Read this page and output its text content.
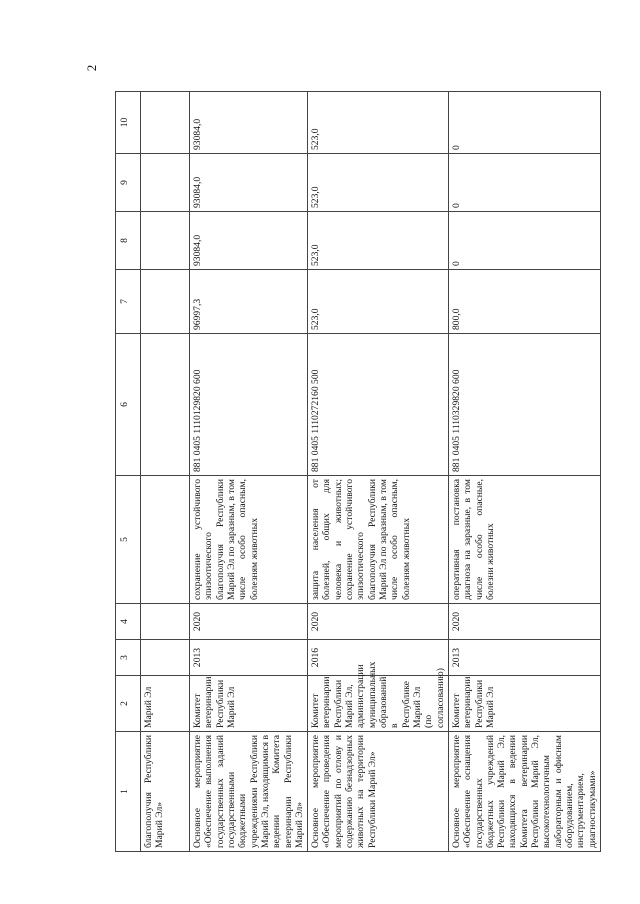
2
1	2	3	4	5	6	7	8	9	10
благополучия Республики Марий Эл»	Марий Эл								
Основное мероприятие «Обеспечение выполнения государственных заданий государственными бюджетными учреждениями Республики Марий Эл, находящимися в ведении Комитета ветеринарии Республики Марий Эл»	Комитет ветеринарии Республики Марий Эл	2013	2020	сохранение устойчивого эпизоотического благополучия Республики Марий Эл по заразным, в том числе особо опасным, болезням животных	881 0405 1110129820 600	96997,3	93084,0	93084,0	93084,0
Основное мероприятие «Обеспечение проведения мероприятий по отлову и содержанию безнадзорных животных на территории Республики Марий Эл»	Комитет ветеринарии Республики Марий Эл, администрации муниципальных образований в Республике Марий Эл (по согласованию)	2016	2020	защита населения от болезней, общих для человека и животных; сохранение устойчивого эпизоотического благополучия Республики Марий Эл по заразным, в том числе особо опасным, болезням животных	881 0405 1110272160 500	523,0	523,0	523,0	523,0
Основное мероприятие «Обеспечение оснащения государственных бюджетных учреждений Республики Марий Эл, находящихся в ведении Комитета ветеринарии Республики Марий Эл, высокотехнологичным лабораторным и офисным оборудованием, инструментарием, диагностикумами»	Комитет ветеринарии Республики Марий Эл	2013	2020	оперативная постановка диагноза на заразные, в том числе особо опасные, болезни животных	881 0405 1110329820 600	800,0	0	0	0
